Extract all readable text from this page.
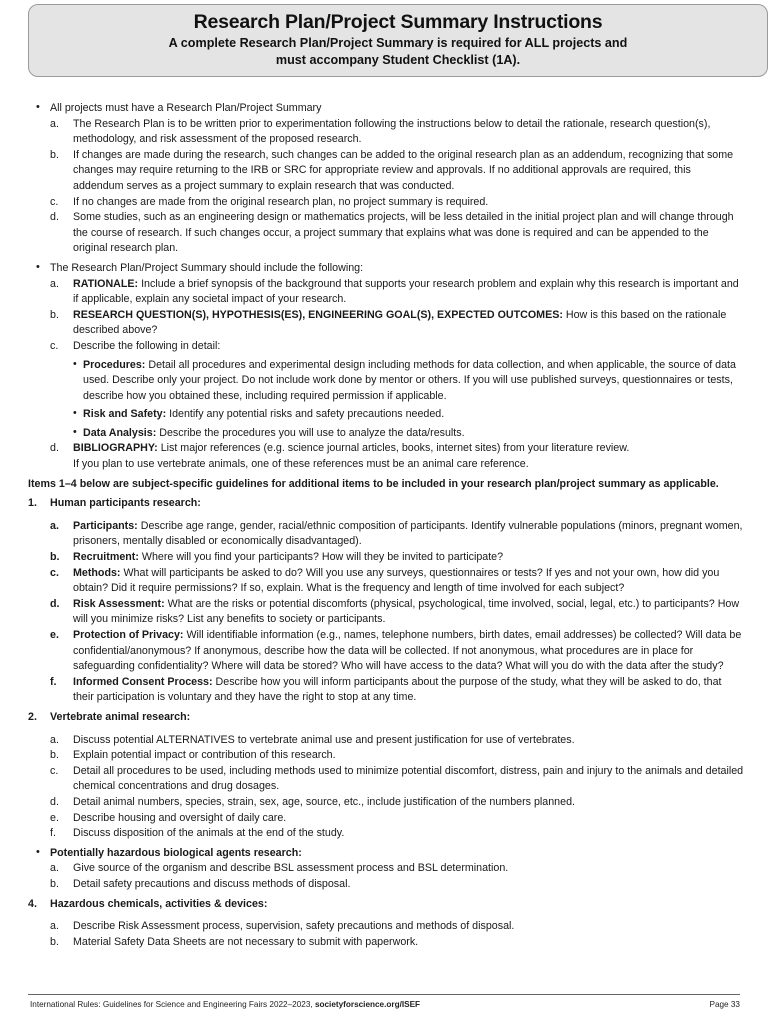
Research Plan/Project Summary Instructions
A complete Research Plan/Project Summary is required for ALL projects and
must accompany Student Checklist (1A).
• All projects must have a Research Plan/Project Summary
a. The Research Plan is to be written prior to experimentation following the instructions below to detail the rationale, research question(s), methodology, and risk assessment of the proposed research.
b. If changes are made during the research, such changes can be added to the original research plan as an addendum, recognizing that some changes may require returning to the IRB or SRC for appropriate review and approvals. If no additional approvals are required, this addendum serves as a project summary to explain research that was conducted.
c. If no changes are made from the original research plan, no project summary is required.
d. Some studies, such as an engineering design or mathematics projects, will be less detailed in the initial project plan and will change through the course of research. If such changes occur, a project summary that explains what was done is required and can be appended to the original research plan.
• The Research Plan/Project Summary should include the following:
a. RATIONALE: Include a brief synopsis of the background that supports your research problem and explain why this research is important and if applicable, explain any societal impact of your research.
b. RESEARCH QUESTION(S), HYPOTHESIS(ES), ENGINEERING GOAL(S), EXPECTED OUTCOMES: How is this based on the rationale described above?
c. Describe the following in detail:
• Procedures: Detail all procedures and experimental design including methods for data collection, and when applicable, the source of data used. Describe only your project. Do not include work done by mentor or others. If you will use published surveys, questionnaires or tests, describe how you obtained these, including required permission if applicable.
• Risk and Safety: Identify any potential risks and safety precautions needed.
• Data Analysis: Describe the procedures you will use to analyze the data/results.
d. BIBLIOGRAPHY: List major references (e.g. science journal articles, books, internet sites) from your literature review.
If you plan to use vertebrate animals, one of these references must be an animal care reference.
Items 1–4 below are subject-specific guidelines for additional items to be included in your research plan/project summary as applicable.
1. Human participants research:
a. Participants: Describe age range, gender, racial/ethnic composition of participants. Identify vulnerable populations (minors, pregnant women, prisoners, mentally disabled or economically disadvantaged).
b. Recruitment: Where will you find your participants? How will they be invited to participate?
c. Methods: What will participants be asked to do? Will you use any surveys, questionnaires or tests? If yes and not your own, how did you obtain? Did it require permissions? If so, explain. What is the frequency and length of time involved for each subject?
d. Risk Assessment: What are the risks or potential discomforts (physical, psychological, time involved, social, legal, etc.) to participants? How will you minimize risks? List any benefits to society or participants.
e. Protection of Privacy: Will identifiable information (e.g., names, telephone numbers, birth dates, email addresses) be collected? Will data be confidential/anonymous? If anonymous, describe how the data will be collected. If not anonymous, what procedures are in place for safeguarding confidentiality? Where will data be stored? Who will have access to the data? What will you do with the data after the study?
f. Informed Consent Process: Describe how you will inform participants about the purpose of the study, what they will be asked to do, that their participation is voluntary and they have the right to stop at any time.
2. Vertebrate animal research:
a. Discuss potential ALTERNATIVES to vertebrate animal use and present justification for use of vertebrates.
b. Explain potential impact or contribution of this research.
c. Detail all procedures to be used, including methods used to minimize potential discomfort, distress, pain and injury to the animals and detailed chemical concentrations and drug dosages.
d. Detail animal numbers, species, strain, sex, age, source, etc., include justification of the numbers planned.
e. Describe housing and oversight of daily care.
f. Discuss disposition of the animals at the end of the study.
• Potentially hazardous biological agents research:
a. Give source of the organism and describe BSL assessment process and BSL determination.
b. Detail safety precautions and discuss methods of disposal.
4. Hazardous chemicals, activities & devices:
a. Describe Risk Assessment process, supervision, safety precautions and methods of disposal.
b. Material Safety Data Sheets are not necessary to submit with paperwork.
International Rules: Guidelines for Science and Engineering Fairs 2022–2023, societyforscience.org/ISEF	Page 33
